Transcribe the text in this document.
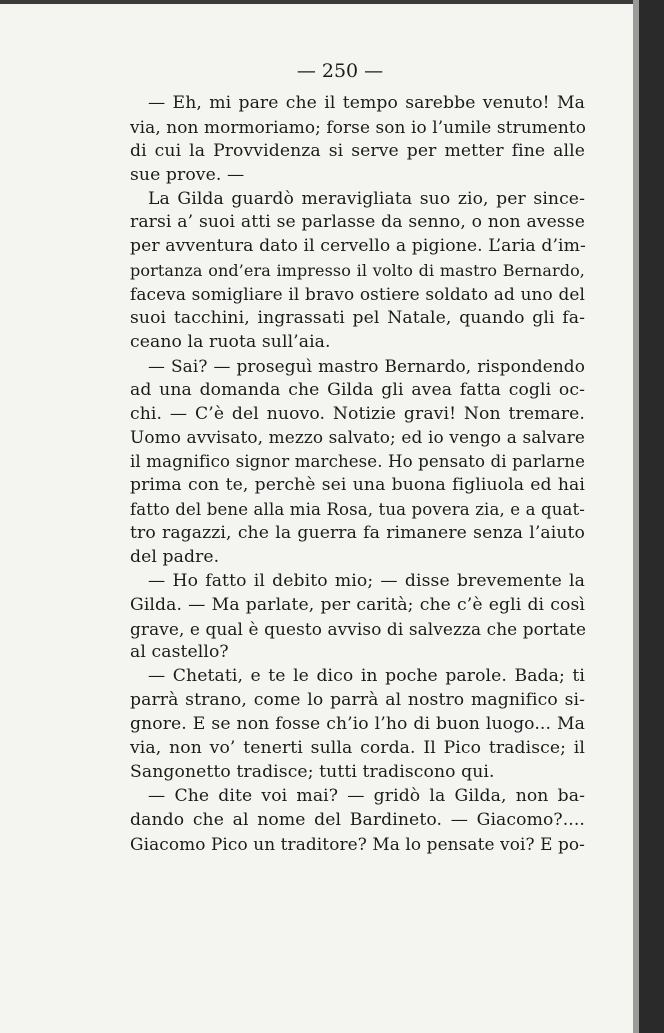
— 250 —
— Eh, mi pare che il tempo sarebbe venuto! Ma
via, non mormoriamo; forse son io l’umile strumento
di cui la Provvidenza si serve per metter fine alle
sue prove. —
La Gilda guardò meravigliata suo zio, per since-
rarsi a’ suoi atti se parlasse da senno, o non avesse
per avventura dato il cervello a pigione. L’aria d’im-
portanza ond’era impresso il volto di mastro Bernardo,
faceva somigliare il bravo ostiere soldato ad uno del
suoi tacchini, ingrassati pel Natale, quando gli fa-
ceano la ruota sull’aia.
— Sai? — proseguì mastro Bernardo, rispondendo
ad una domanda che Gilda gli avea fatta cogli oc-
chi. — C’è del nuovo. Notizie gravi! Non tremare.
Uomo avvisato, mezzo salvato; ed io vengo a salvare
il magnifico signor marchese. Ho pensato di parlarne
prima con te, perchè sei una buona figliuola ed hai
fatto del bene alla mia Rosa, tua povera zia, e a quat-
tro ragazzi, che la guerra fa rimanere senza l’aiuto
del padre.
— Ho fatto il debito mio; — disse brevemente la
Gilda. — Ma parlate, per carità; che c’è egli di così
grave, e qual è questo avviso di salvezza che portate
al castello?
— Chetati, e te le dico in poche parole. Bada; ti
parrà strano, come lo parrà al nostro magnifico si-
gnore. E se non fosse ch’io l’ho di buon luogo... Ma
via, non vo’ tenerti sulla corda. Il Pico tradisce; il
Sangonetto tradisce; tutti tradiscono qui.
— Che dite voi mai? — gridò la Gilda, non ba-
dando che al nome del Bardineto. — Giacomo?....
Giacomo Pico un traditore? Ma lo pensate voi? E po-
